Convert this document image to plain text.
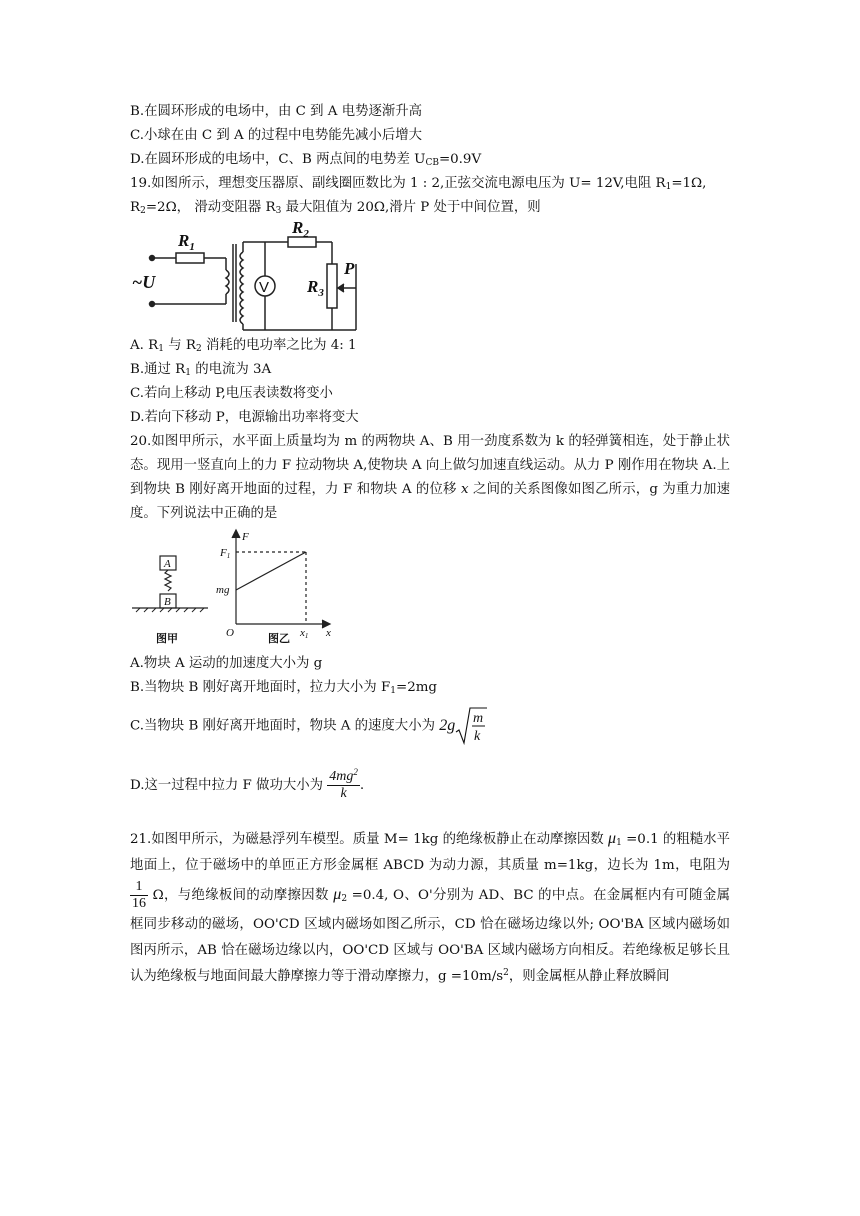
B.在圆环形成的电场中，由 C 到 A 电势逐渐升高
C.小球在由 C 到 A 的过程中电势能先减小后增大
D.在圆环形成的电场中，C、B 两点间的电势差 $U_{CB}=0.9V$
19.如图所示，理想变压器原、副线圈匝数比为 1 : 2,正弦交流电源电压为 U= 12V,电阻 $R_1=1\Omega$,
$R_2=2\Omega$， 滑动变阻器 $R_3$ 最大阻值为 20Ω,滑片 P 处于中间位置，则
~U
$R_1$
$R_2$
$R_3$
P
V
A. $R_1$ 与 $R_2$ 消耗的电功率之比为 4: 1
B.通过 $R_1$ 的电流为 3A
C.若向上移动 P,电压表读数将变小
D.若向下移动 P，电源输出功率将变大
20.如图甲所示，水平面上质量均为 m 的两物块 A、B 用一劲度系数为 k 的轻弹簧相连，处于静止状态。现用一竖直向上的力 F 拉动物块 A,使物块 A 向上做匀加速直线运动。从力 P 刚作用在物块 A.上到物块 B 刚好离开地面的过程，力 F 和物块 A 的位移 x 之间的关系图像如图乙所示，g 为重力加速度。下列说法中正确的是
A
B
图甲
F
F1
mg
O	x1 x
图乙
A.物块 A 运动的加速度大小为 g
B.当物块 B 刚好离开地面时，拉力大小为 $F_1=2mg$
C.当物块 B 刚好离开地面时，物块 A 的速度大小为 2g m
k
D.这一过程中拉力 F 做功大小为 $\frac{4mg^2}{k}$ .
21.如图甲所示，为磁悬浮列车模型。质量 M= 1kg 的绝缘板静止在动摩擦因数 $\mu_1 =0.1$ 的粗糙水平地面上，位于磁场中的单匝正方形金属框 ABCD 为动力源，其质量 m=1kg，边长为 1m，电阻为
$\frac{1}{16}$ Ω，与绝缘板间的动摩擦因数 $\mu_2 =0.4$, O、O'分别为 AD、BC 的中点。在金属框内有可随金属框同步移动的磁场，OO'CD 区域内磁场如图乙所示，CD 恰在磁场边缘以外; OO'BA 区域内磁场如图丙所示，AB 恰在磁场边缘以内，OO'CD 区域与 OO'BA 区域内磁场方向相反。若绝缘板足够长且认为绝缘板与地面间最大静摩擦力等于滑动摩擦力，$g =10m/s^2$，则金属框从静止释放瞬间
